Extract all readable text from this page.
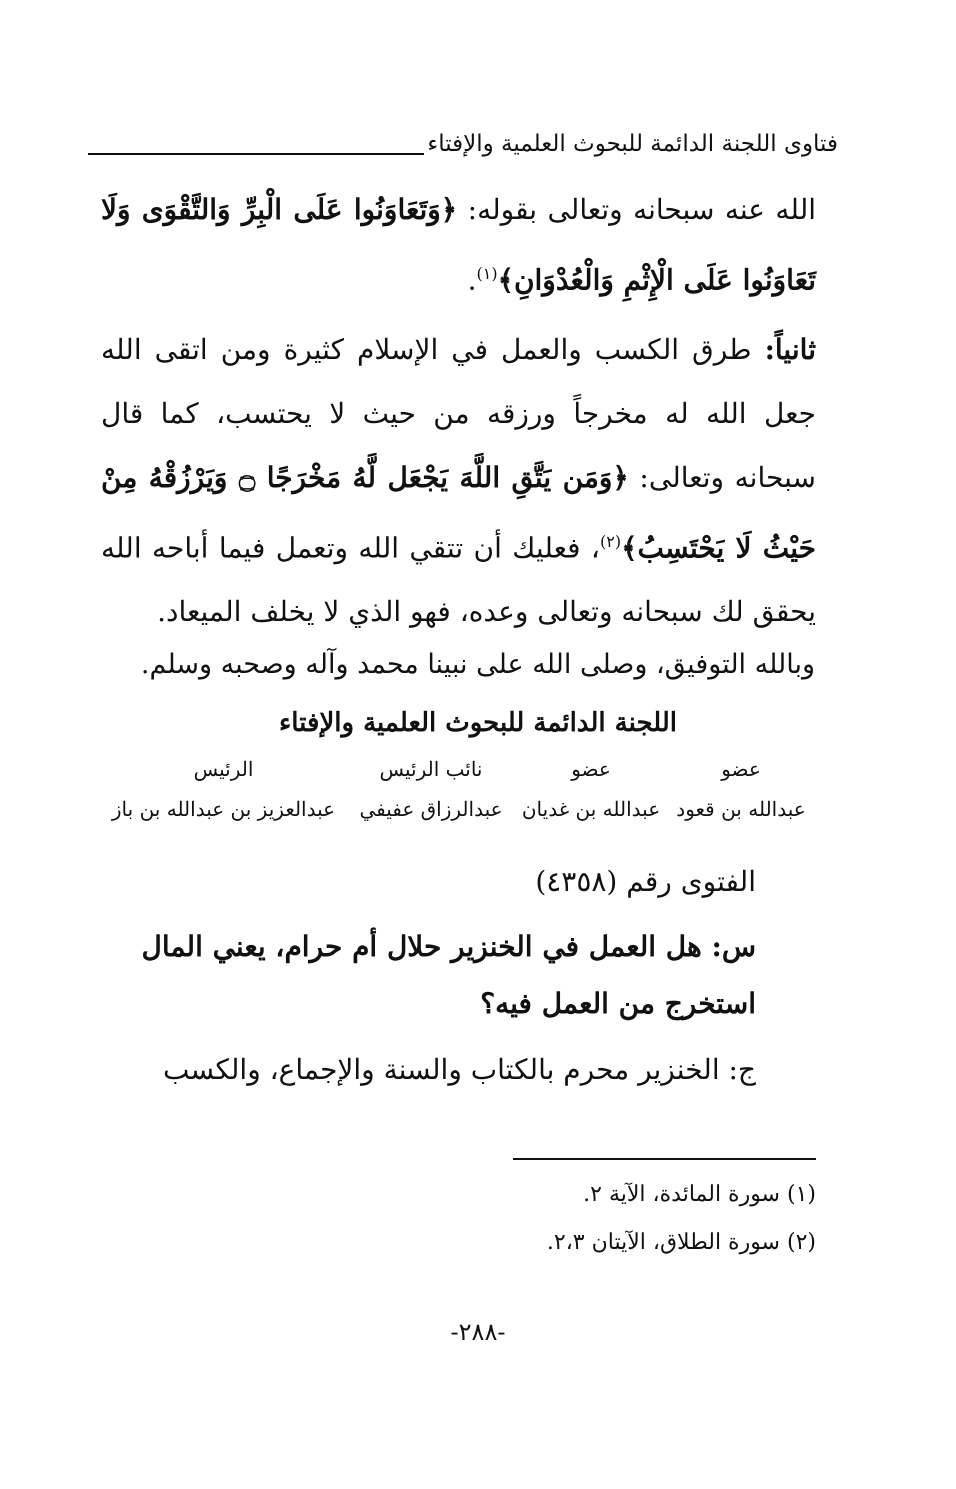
فتاوى اللجنة الدائمة للبحوث العلمية والإفتاء
الله عنه سبحانه وتعالى بقوله: ﴿وَتَعَاوَنُوا عَلَى الْبِرِّ وَالتَّقْوَى وَلَا تَعَاوَنُوا عَلَى الْإِثْمِ وَالْعُدْوَانِ﴾$^{(١)}$.
ثانياً: طرق الكسب والعمل في الإسلام كثيرة ومن اتقى الله جعل الله له مخرجاً ورزقه من حيث لا يحتسب، كما قال سبحانه وتعالى: ﴿وَمَن يَتَّقِ اللَّهَ يَجْعَل لَّهُ مَخْرَجًا ۝ وَيَرْزُقْهُ مِنْ حَيْثُ لَا يَحْتَسِبُ﴾$^{(٢)}$، فعليك أن تتقي الله وتعمل فيما أباحه الله يحقق لك سبحانه وتعالى وعده، فهو الذي لا يخلف الميعاد.
وبالله التوفيق، وصلى الله على نبينا محمد وآله وصحبه وسلم.
اللجنة الدائمة للبحوث العلمية والإفتاء
عضو
عضو
نائب الرئيس
الرئيس
عبدالله بن قعود
عبدالله بن غديان
عبدالرزاق عفيفي
عبدالعزيز بن عبدالله بن باز
الفتوى رقم (٤٣٥٨)
س: هل العمل في الخنزير حلال أم حرام، يعني المال
استخرج من العمل فيه؟
ج: الخنزير محرم بالكتاب والسنة والإجماع، والكسب
(١) سورة المائدة، الآية ٢.
(٢) سورة الطلاق، الآيتان ٢،٣.
-٢٨٨-
